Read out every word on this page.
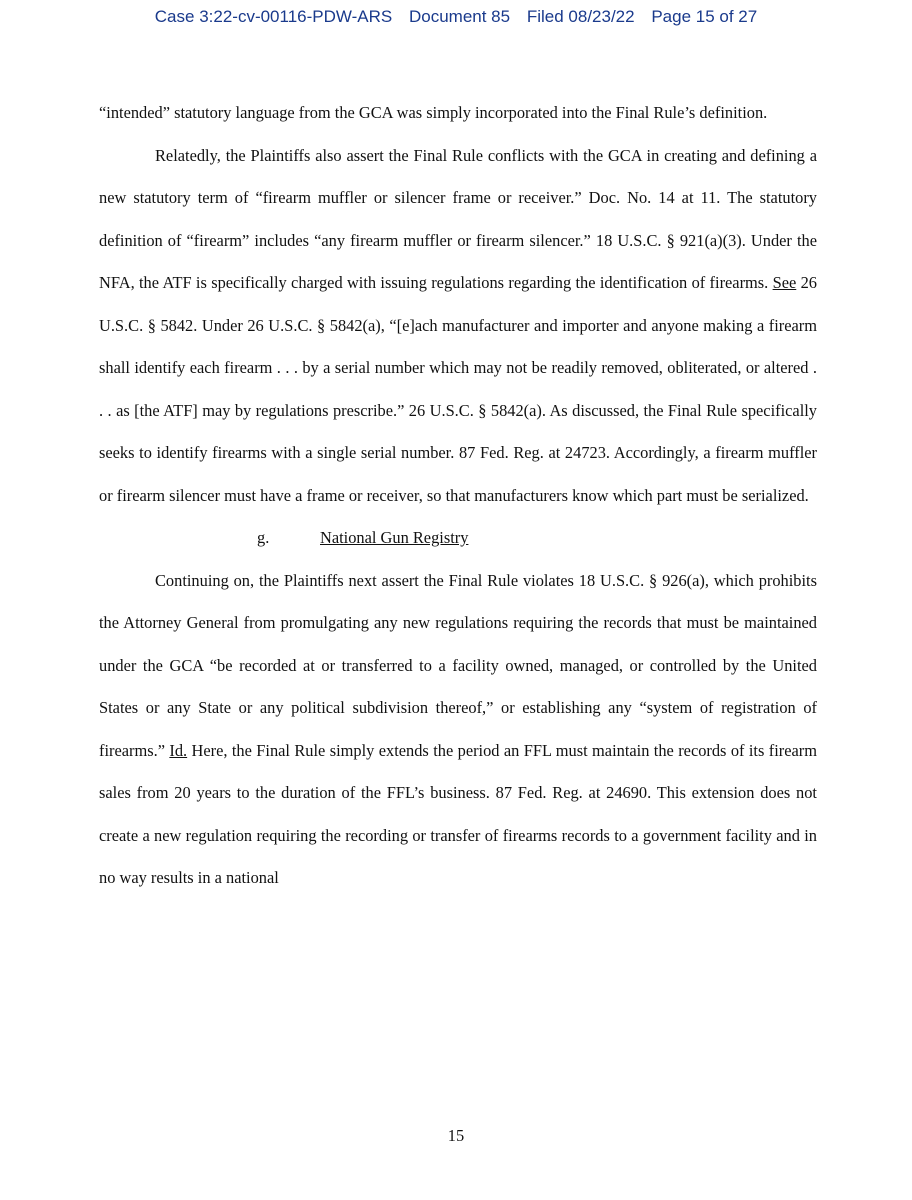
Case 3:22-cv-00116-PDW-ARS Document 85 Filed 08/23/22 Page 15 of 27

“intended” statutory language from the GCA was simply incorporated into the Final Rule’s definition.

Relatedly, the Plaintiffs also assert the Final Rule conflicts with the GCA in creating and defining a new statutory term of “firearm muffler or silencer frame or receiver.” Doc. No. 14 at 11. The statutory definition of “firearm” includes “any firearm muffler or firearm silencer.” 18 U.S.C. § 921(a)(3). Under the NFA, the ATF is specifically charged with issuing regulations regarding the identification of firearms. See 26 U.S.C. § 5842. Under 26 U.S.C. § 5842(a), “[e]ach manufacturer and importer and anyone making a firearm shall identify each firearm . . . by a serial number which may not be readily removed, obliterated, or altered . . . as [the ATF] may by regulations prescribe.” 26 U.S.C. § 5842(a). As discussed, the Final Rule specifically seeks to identify firearms with a single serial number. 87 Fed. Reg. at 24723. Accordingly, a firearm muffler or firearm silencer must have a frame or receiver, so that manufacturers know which part must be serialized.

g.	National Gun Registry

Continuing on, the Plaintiffs next assert the Final Rule violates 18 U.S.C. § 926(a), which prohibits the Attorney General from promulgating any new regulations requiring the records that must be maintained under the GCA “be recorded at or transferred to a facility owned, managed, or controlled by the United States or any State or any political subdivision thereof,” or establishing any “system of registration of firearms.” Id. Here, the Final Rule simply extends the period an FFL must maintain the records of its firearm sales from 20 years to the duration of the FFL’s business. 87 Fed. Reg. at 24690. This extension does not create a new regulation requiring the recording or transfer of firearms records to a government facility and in no way results in a national

15
